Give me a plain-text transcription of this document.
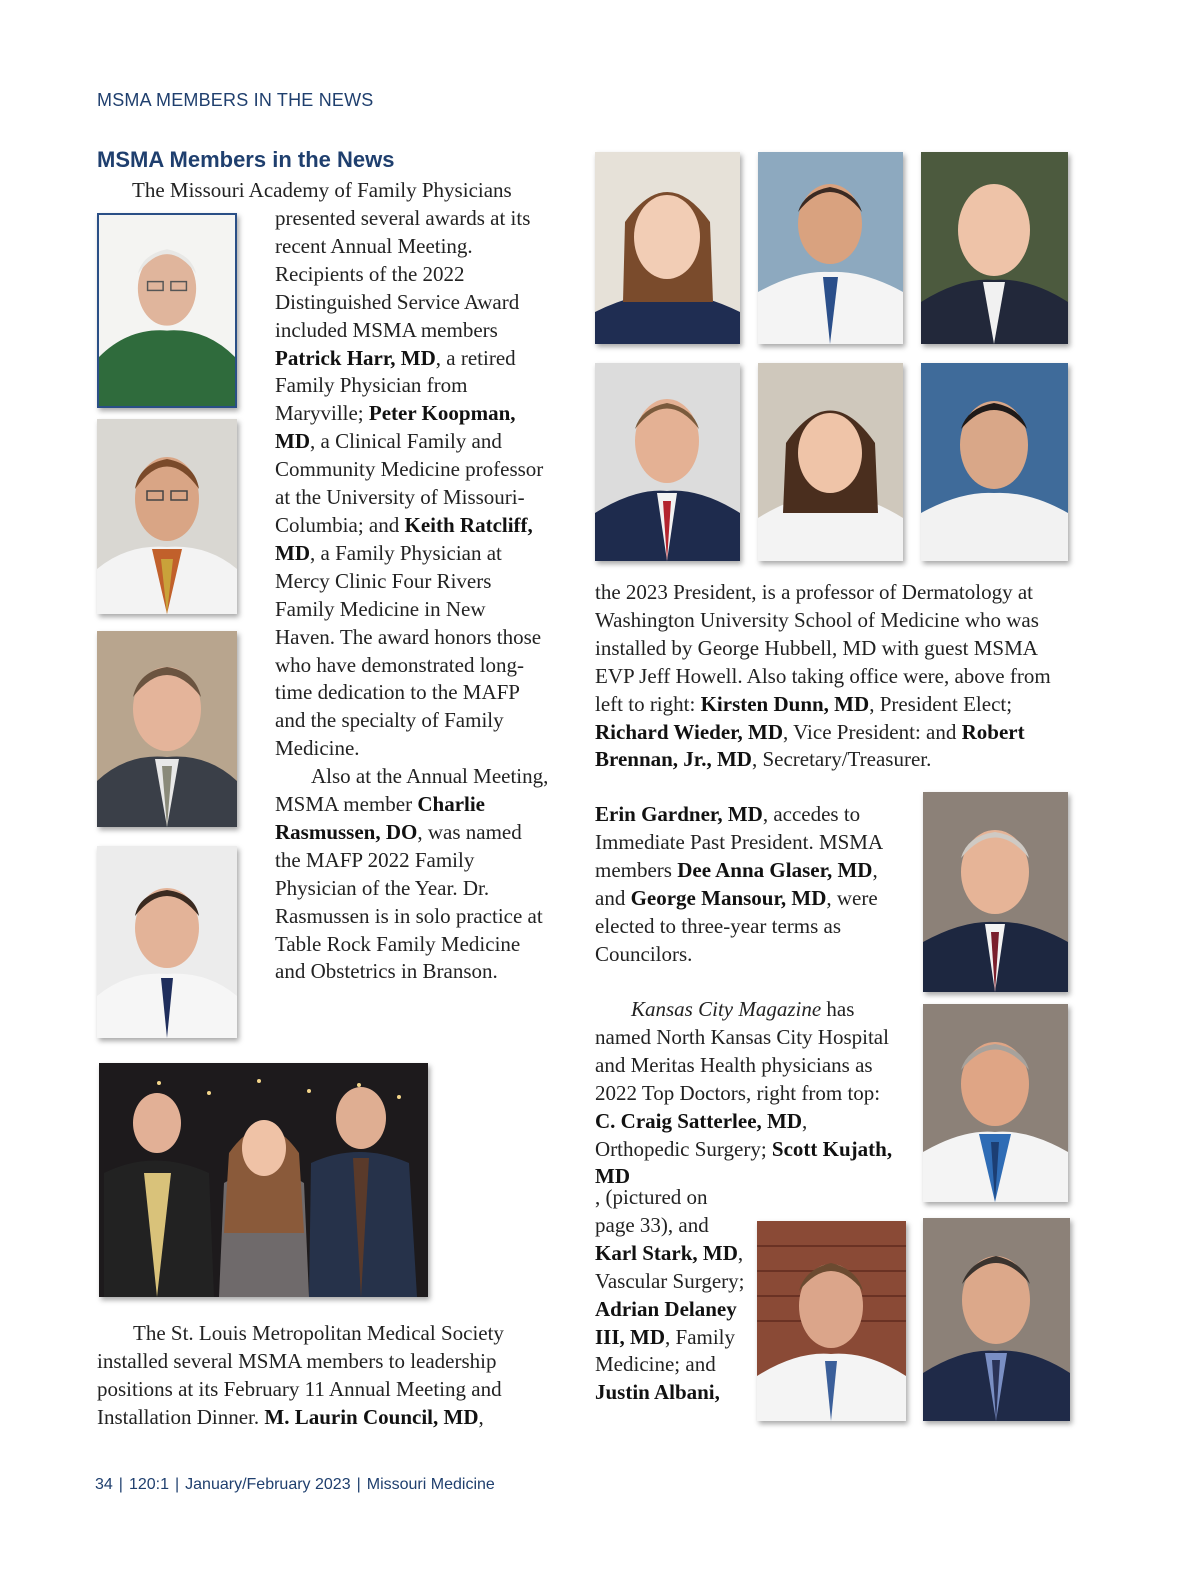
MSMA MEMBERS IN THE NEWS
MSMA Members in the News
The Missouri Academy of Family Physicians

presented several awards at its recent Annual Meeting. Recipients of the 2022 Distinguished Service Award included MSMA members Patrick Harr, MD, a retired Family Physician from Maryville; Peter Koopman, MD, a Clinical Family and Community Medicine professor at the University of Missouri-Columbia; and Keith Ratcliff, MD, a Family Physician at Mercy Clinic Four Rivers Family Medicine in New Haven. The award honors those who have demonstrated long-time dedication to the MAFP and the specialty of Family Medicine.

Also at the Annual Meeting, MSMA member Charlie Rasmussen, DO, was named the MAFP 2022 Family Physician of the Year. Dr. Rasmussen is in solo practice at Table Rock Family Medicine and Obstetrics in Branson.

The St. Louis Metropolitan Medical Society installed several MSMA members to leadership positions at its February 11 Annual Meeting and Installation Dinner. M. Laurin Council, MD,

the 2023 President, is a professor of Dermatology at Washington University School of Medicine who was installed by George Hubbell, MD with guest MSMA EVP Jeff Howell. Also taking office were, above from left to right: Kirsten Dunn, MD, President Elect; Richard Wieder, MD, Vice President: and Robert Brennan, Jr., MD, Secretary/Treasurer.

Erin Gardner, MD, accedes to Immediate Past President. MSMA members Dee Anna Glaser, MD, and George Mansour, MD, were elected to three-year terms as Councilors.

Kansas City Magazine has named North Kansas City Hospital and Meritas Health physicians as 2022 Top Doctors, right from top: C. Craig Satterlee, MD, Orthopedic Surgery; Scott Kujath, MD

, (pictured on page 33), and Karl Stark, MD, Vascular Surgery; Adrian Delaney III, MD, Family Medicine; and Justin Albani,

34 | 120:1 | January/February 2023 | Missouri Medicine
